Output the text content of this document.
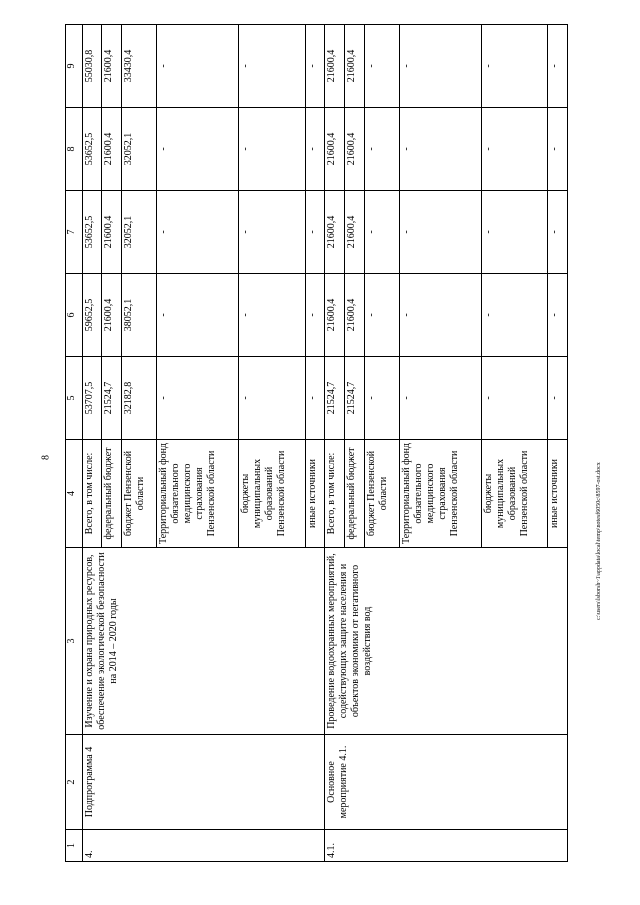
8
c:\users\lsborsh~1\appdata\local\temp\notesf6050c\8597-ost.docx
1	2	3	4	5	6	7	8	9
4.	Подпрограмма 4	Изучение и охрана природных ресурсов, обеспечение экологической безопасности на 2014 – 2020 годы	Всего, в том числе:	53707,5	59652,5	53652,5	53652,5	55030,8
			федеральный бюджет	21524,7	21600,4	21600,4	21600,4	21600,4
			бюджет Пензенской области	32182,8	38052,1	32052,1	32052,1	33430,4
			Территориальный фонд обязательного медицинского страхования Пензенской области	-	-	-	-	-
			бюджеты муниципальных образований Пензенской области	-	-	-	-	-
			иные источники	-	-	-	-	-
4.1.	Основное мероприятие 4.1.	Проведение водоохранных мероприятий, содействующих защите населения и объектов экономики от негативного воздействия вод	Всего, в том числе:	21524,7	21600,4	21600,4	21600,4	21600,4
			федеральный бюджет	21524,7	21600,4	21600,4	21600,4	21600,4
			бюджет Пензенской области	-	-	-	-	-
			Территориальный фонд обязательного медицинского страхования Пензенской области	-	-	-	-	-
			бюджеты муниципальных образований Пензенской области	-	-	-	-	-
			иные источники	-	-	-	-	-
